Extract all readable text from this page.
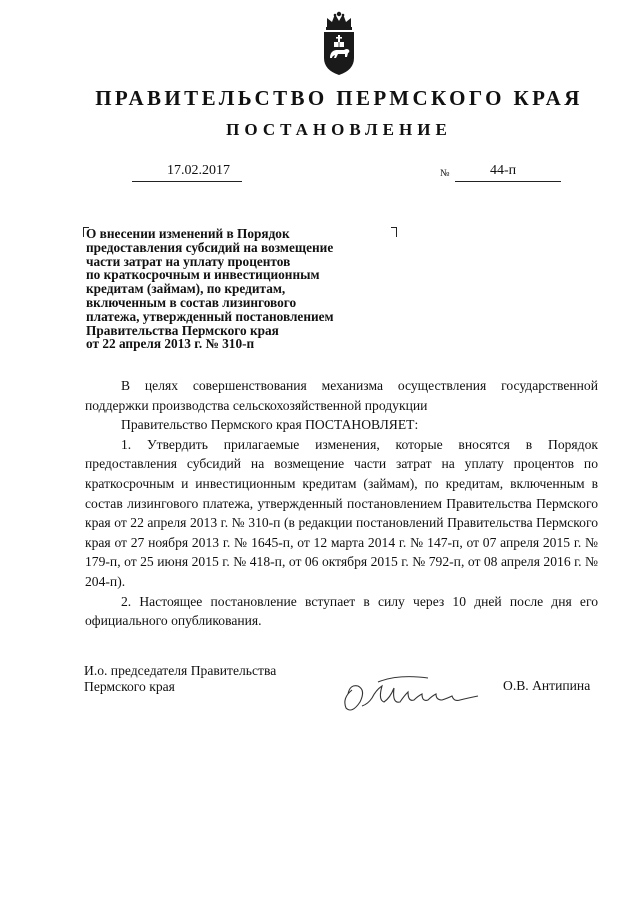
ПРАВИТЕЛЬСТВО ПЕРМСКОГО КРАЯ
ПОСТАНОВЛЕНИЕ
17.02.2017	№	44-п
О внесении изменений в Порядок
предоставления субсидий на возмещение
части затрат на уплату процентов
по краткосрочным и инвестиционным
кредитам (займам), по кредитам,
включенным в состав лизингового
платежа, утвержденный постановлением
Правительства Пермского края
от 22 апреля 2013 г. № 310-п

В целях совершенствования механизма осуществления государственной поддержки производства сельскохозяйственной продукции

Правительство Пермского края ПОСТАНОВЛЯЕТ:

1. Утвердить прилагаемые изменения, которые вносятся в Порядок предоставления субсидий на возмещение части затрат на уплату процентов по краткосрочным и инвестиционным кредитам (займам), по кредитам, включенным в состав лизингового платежа, утвержденный постановлением Правительства Пермского края от 22 апреля 2013 г. № 310-п (в редакции постановлений Правительства Пермского края от 27 ноября 2013 г. № 1645-п, от 12 марта 2014 г. № 147-п, от 07 апреля 2015 г. № 179-п, от 25 июня 2015 г. № 418-п, от 06 октября 2015 г. № 792-п, от 08 апреля 2016 г. № 204-п).

2. Настоящее постановление вступает в силу через 10 дней после дня его официального опубликования.

И.о. председателя Правительства
Пермского края	О.В. Антипина
